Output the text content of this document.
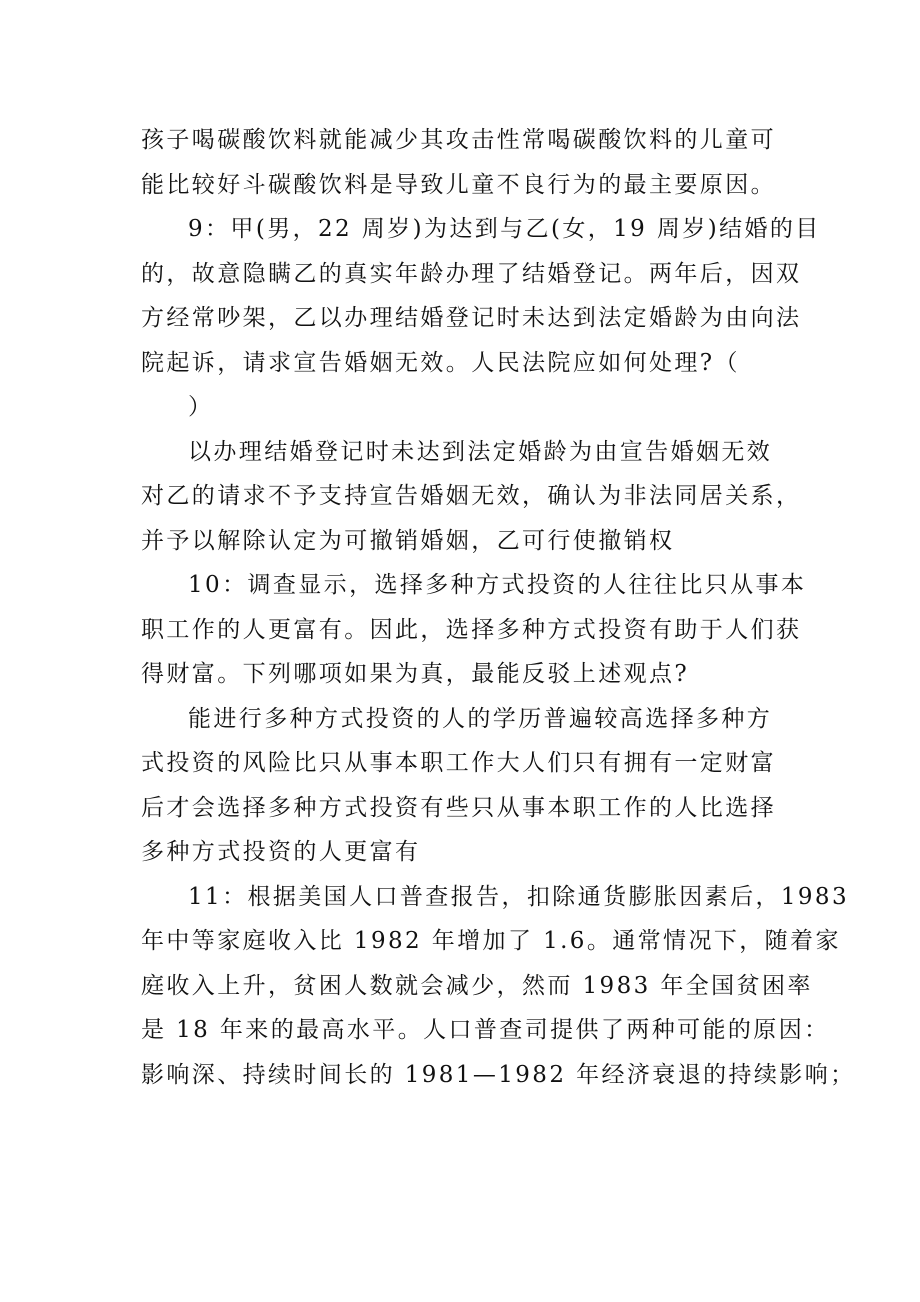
孩子喝碳酸饮料就能减少其攻击性常喝碳酸饮料的儿童可
能比较好斗碳酸饮料是导致儿童不良行为的最主要原因。
9：甲(男，22 周岁)为达到与乙(女，19 周岁)结婚的目
的，故意隐瞒乙的真实年龄办理了结婚登记。两年后，因双
方经常吵架，乙以办理结婚登记时未达到法定婚龄为由向法
院起诉，请求宣告婚姻无效。人民法院应如何处理?（
）
以办理结婚登记时未达到法定婚龄为由宣告婚姻无效
对乙的请求不予支持宣告婚姻无效，确认为非法同居关系，
并予以解除认定为可撤销婚姻，乙可行使撤销权
10：调查显示，选择多种方式投资的人往往比只从事本
职工作的人更富有。因此，选择多种方式投资有助于人们获
得财富。下列哪项如果为真，最能反驳上述观点?
能进行多种方式投资的人的学历普遍较高选择多种方
式投资的风险比只从事本职工作大人们只有拥有一定财富
后才会选择多种方式投资有些只从事本职工作的人比选择
多种方式投资的人更富有
11：根据美国人口普查报告，扣除通货膨胀因素后，1983
年中等家庭收入比 1982 年增加了 1.6。通常情况下，随着家
庭收入上升，贫困人数就会减少，然而 1983 年全国贫困率
是 18 年来的最高水平。人口普查司提供了两种可能的原因：
影响深、持续时间长的 1981—1982 年经济衰退的持续影响；
